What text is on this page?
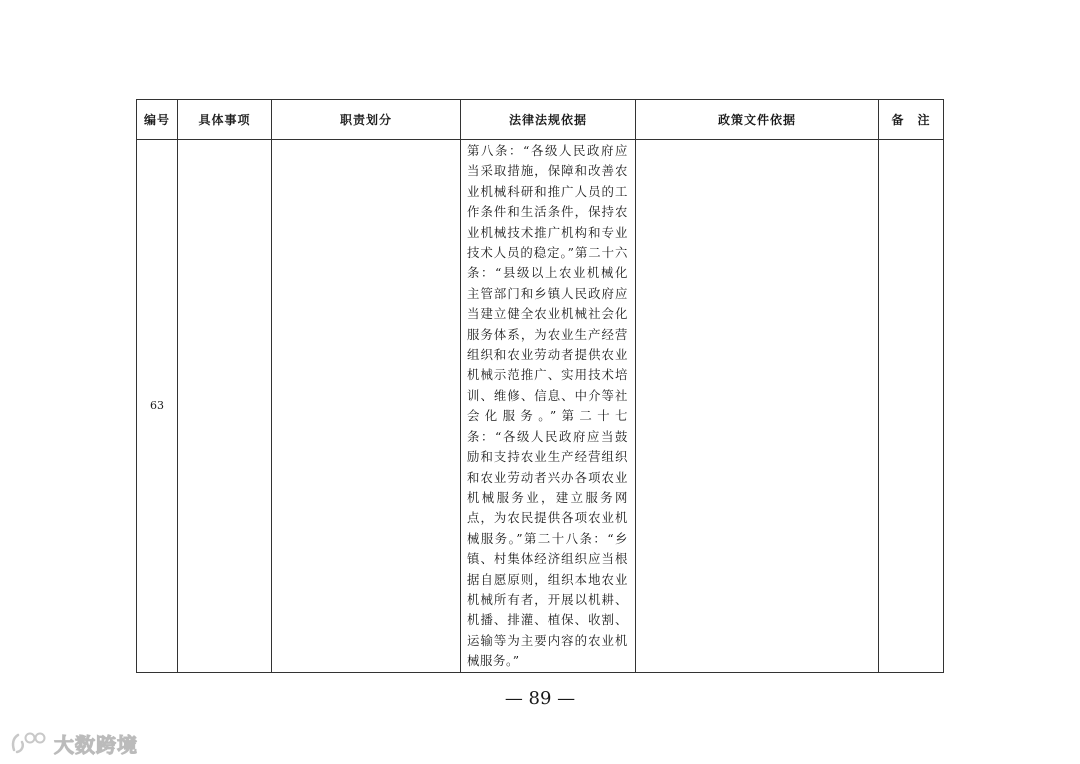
编号	具体事项	职责划分	法律法规依据	政策文件依据	备　注
63			第八条：“各级人民政府应当采取措施，保障和改善农业机械科研和推广人员的工作条件和生活条件，保持农业机械技术推广机构和专业技术人员的稳定。”第二十六条：“县级以上农业机械化主管部门和乡镇人民政府应当建立健全农业机械社会化服务体系，为农业生产经营组织和农业劳动者提供农业机械示范推广、实用技术培训、维修、信息、中介等社会化服务。”第二十七条：“各级人民政府应当鼓励和支持农业生产经营组织和农业劳动者兴办各项农业机械服务业，建立服务网点，为农民提供各项农业机械服务。”第二十八条：“乡镇、村集体经济组织应当根据自愿原则，组织本地农业机械所有者，开展以机耕、机播、排灌、植保、收割、运输等为主要内容的农业机械服务。”		

— 89 —
大数跨境
